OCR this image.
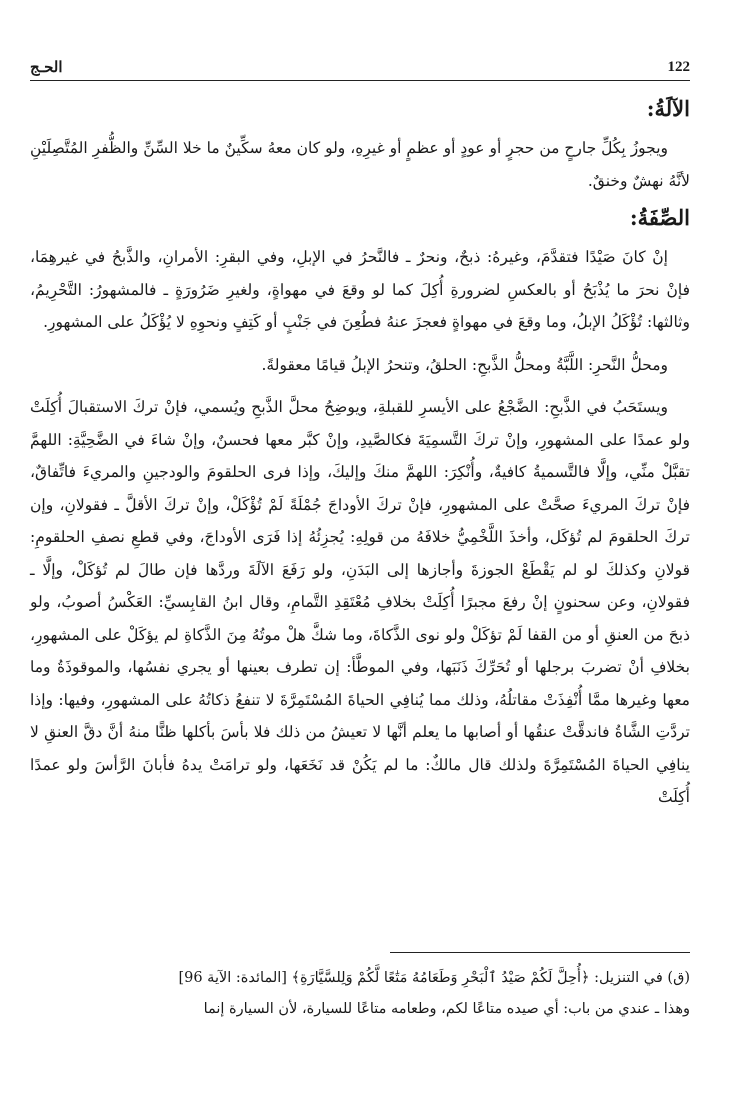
122
الحـج
الآلَةُ:

ويجوزُ بِكُلِّ جارحٍ من حجرٍ أو عودٍ أو عظمٍ أو غيرِهِ، ولو كان معهُ سكِّينٌ ما خلا السِّنِّ والظُّفرِ المُتَّصِلَيْنِ لأنَّهُ نهشٌ وخنقٌ.

الصِّفَةُ:

إنْ كانَ صَيْدًا فتقدَّمَ، وغيرهُ: ذبحٌ، ونحرٌ ـ فالنَّحرُ في الإبلِ، وفي البقرِ: الأمرانِ، والذَّبحُ في غيرهِمَا، فإنْ نحرَ ما يُذْبَحُ أو بالعكسِ لضرورةِ أُكِلَ كما لو وقعَ في مهواةٍ، ولغيرِ ضَرُورَةٍ ـ فالمشهورُ: التَّحْرِيمُ، وثالثها: تُؤْكَلُ الإبلُ، وما وقعَ في مهواةٍ فعجزَ عنهُ فطُعِنَ في جَنْبٍ أو كَتِفٍ ونحوِهِ لا يُؤْكَلُ على المشهورِ.

ومحلُّ النَّحرِ: اللَّبَّةُ ومحلُّ الذَّبحِ: الحلقُ، وتنحرُ الإبلُ قيامًا معقولةً.

ويستَحَبُ في الذَّبحِ: الضَّجْعُ على الأيسرِ للقبلةِ، ويوضِحُ محلَّ الذَّبحِ ويُسمي، فإنْ تركَ الاستقبالَ أُكِلَتْ ولو عمدًا على المشهورِ، وإنْ تركَ التَّسمِيَةَ فكالصَّيدِ، وإنْ كبَّر معها فحسنٌ، وإنْ شاءَ في الضَّحِيَّةِ: اللهمَّ تقبَّلْ منِّي، وإلَّا فالتَّسميةُ كافيةٌ، وأُنْكِرَ: اللهمَّ منكَ وإليكَ، وإذا فرى الحلقومَ والودجينِ والمريءَ فاتِّفاقٌ، فإنْ تركَ المريءَ صحَّتْ على المشهورِ، فإنْ تركَ الأوداجَ جُمْلَةً لَمْ تُؤْكَلْ، وإنْ تركَ الأقلَّ ـ فقولانِ، وإن تركَ الحلقومَ لم تُؤكَل، وأخذَ اللَّخْمِيُّ خلافَهُ من قولِهِ: يُجزِئُهُ إذا فَرَى الأوداجَ، وفي قطعِ نصفِ الحلقومِ: قولانِ وكذلكَ لو لم يَقْطَعْ الجوزةَ وأجازها إلى البَدَنِ، ولو رَفَعَ الآلَةَ وردَّها فإن طالَ لم تُؤكَلْ، وإلَّا ـ فقولانِ، وعن سحنونٍ إنْ رفعَ مجبرًا أُكِلَتْ بخلافِ مُعْتَقِدِ التَّمامِ، وقال ابنُ القابِسيِّ: العَكْسُ أصوبُ، ولو ذبحَ من العنقِ أو من القفا لَمْ تؤكَلْ ولو نوى الذَّكاةَ، وما شكَّ هلْ موتُهُ مِنَ الذَّكاةِ لم يؤكَلْ على المشهورِ، بخلافِ أنْ تضربَ برجلها أو تُحَرِّكَ ذَنَبَها، وفي الموطَّأ: إن تطرف بعينها أو يجري نفسُها، والموقوذَةُ وما معها وغيرها ممَّا أُنْفِذَتْ مقاتلُهُ، وذلك مما يُنافِي الحياةَ المُسْتَمِرَّةَ لا تنفعُ ذكاتُهُ على المشهورِ، وفيها: وإذا تردَّتِ الشَّاةُ فاندقَّتْ عنقُها أو أصابها ما يعلم أنَّها لا تعيشُ من ذلك فلا بأسَ بأكلها ظنًّا منهُ أنَّ دقَّ العنقِ لا ينافِي الحياةَ المُسْتَمِرَّةَ ولذلك قال مالكٌ: ما لم يَكُنْ قد نَخَعَها، ولو ترامَتْ يدهُ فأبانَ الرَّأسَ ولو عمدًا أُكِلَتْ

(ق) في التنزيل: ﴿أُحِلَّ لَكُمْ صَيْدُ ٱلْبَحْرِ وَطَعَامُهُ مَتَٰعًا لَّكُمْ وَلِلسَّيَّارَةِ﴾ [المائدة: الآية 96]
وهذا ـ عندي من باب: أي صيده متاعًا لكم، وطعامه متاعًا للسيارة، لأن السيارة إنما
